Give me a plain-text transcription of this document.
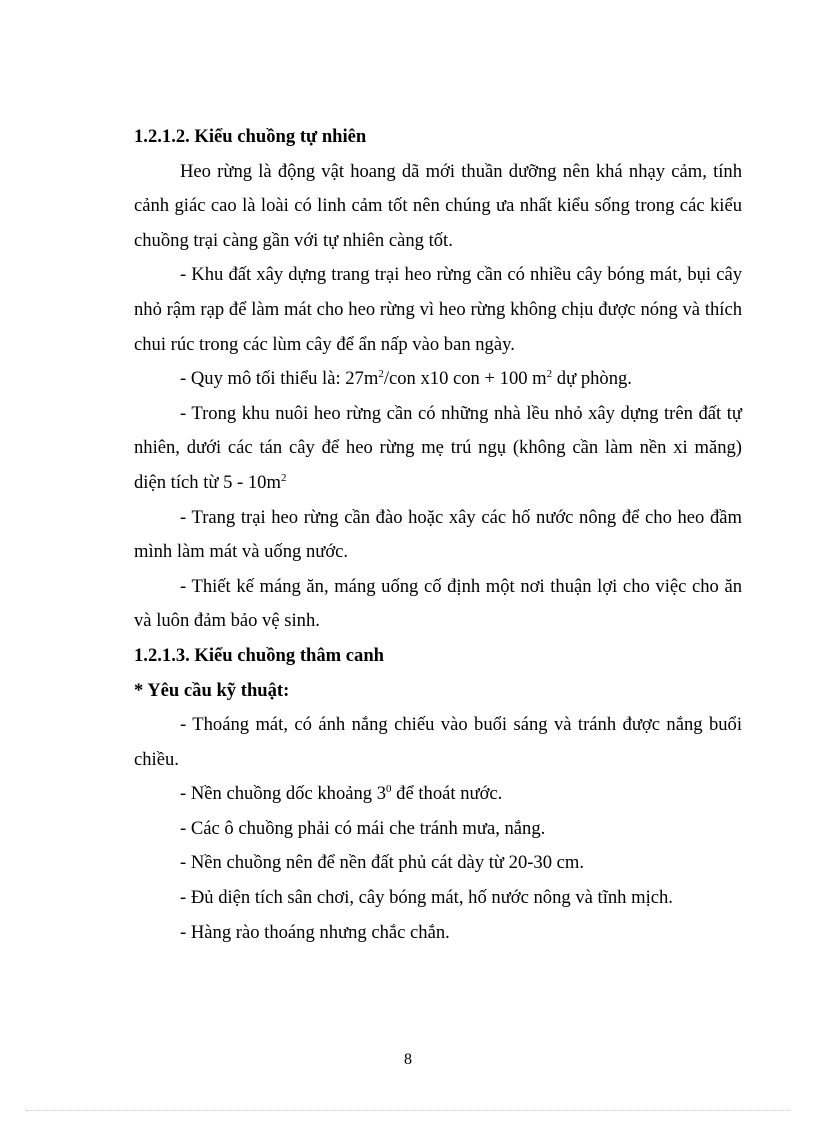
1.2.1.2. Kiểu chuồng tự nhiên

Heo rừng là động vật hoang dã mới thuần dưỡng nên khá nhạy cảm, tính cảnh giác cao là loài có linh cảm tốt nên chúng ưa nhất kiểu sống trong các kiểu chuồng trại càng gần với tự nhiên càng tốt.

- Khu đất xây dựng trang trại heo rừng cần có nhiều cây bóng mát, bụi cây nhỏ rậm rạp để làm mát cho heo rừng vì heo rừng không chịu được nóng và thích chui rúc trong các lùm cây để ẩn nấp vào ban ngày.

- Quy mô tối thiểu là: $27m^2$/con x10 con + 100 $m^2$ dự phòng.

- Trong khu nuôi heo rừng cần có những nhà lều nhỏ xây dựng trên đất tự nhiên, dưới các tán cây để heo rừng mẹ trú ngụ (không cần làm nền xi măng) diện tích từ $5 - 10m^2$

- Trang trại heo rừng cần đào hoặc xây các hố nước nông để cho heo đầm mình làm mát và uống nước.

- Thiết kế máng ăn, máng uống cố định một nơi thuận lợi cho việc cho ăn và luôn đảm bảo vệ sinh.

1.2.1.3. Kiểu chuồng thâm canh

* Yêu cầu kỹ thuật:

- Thoáng mát, có ánh nắng chiếu vào buổi sáng và tránh được nắng buổi chiều.

- Nền chuồng dốc khoảng $3^0$ để thoát nước.

- Các ô chuồng phải có mái che tránh mưa, nắng.

- Nền chuồng nên để nền đất phủ cát dày từ 20-30 cm.

- Đủ diện tích sân chơi, cây bóng mát, hố nước nông và tĩnh mịch.

- Hàng rào thoáng nhưng chắc chắn.

8
